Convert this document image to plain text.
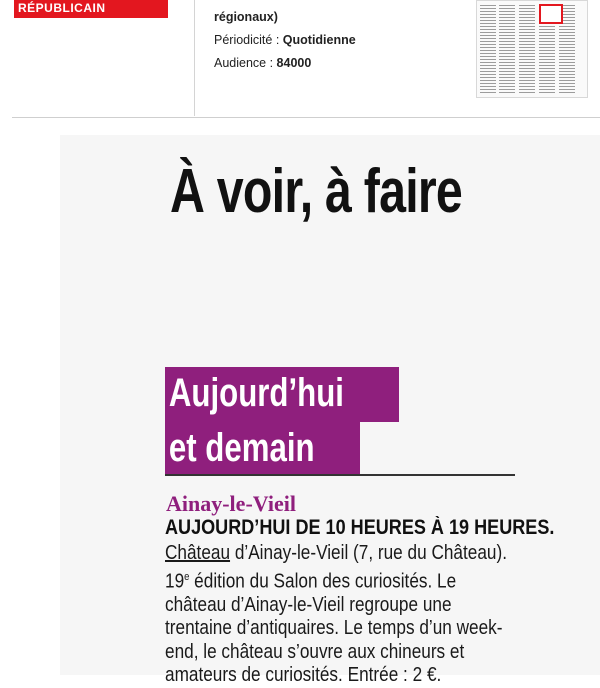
RÉPUBLICAIN
régionaux)
Périodicité : Quotidienne
Audience : 84000
À voir, à faire
Aujourd’hui
et demain
Ainay-le-Vieil
AUJOURD’HUI DE 10 HEURES À 19 HEURES.

Château d’Ainay-le-Vieil (7, rue du Château).

19e édition du Salon des curiosités. Le

château d’Ainay-le-Vieil regroupe une

trentaine d’antiquaires. Le temps d’un week-

end, le château s’ouvre aux chineurs et

amateurs de curiosités. Entrée : 2 €.
